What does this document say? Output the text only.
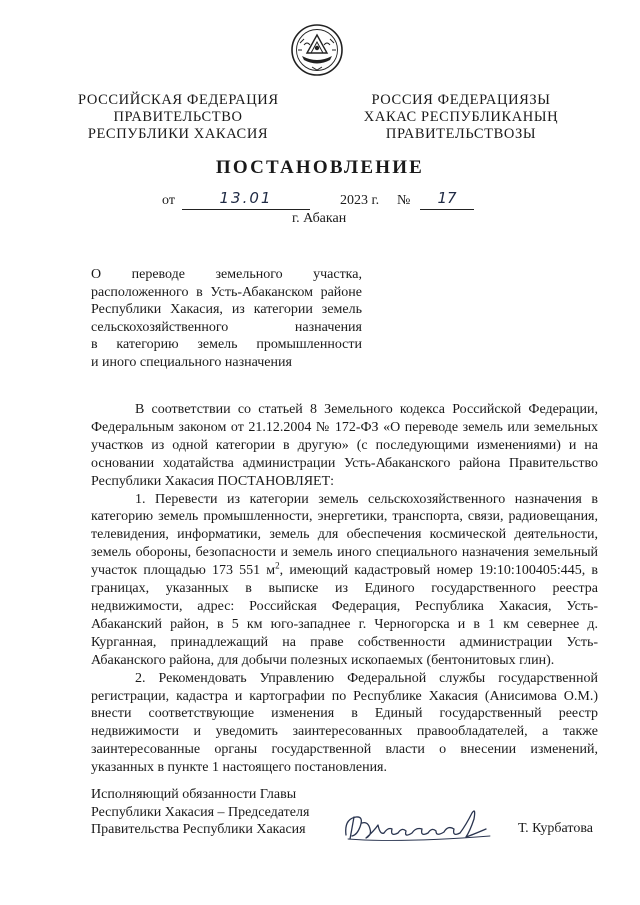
РОССИЙСКАЯ ФЕДЕРАЦИЯ
ПРАВИТЕЛЬСТВО
РЕСПУБЛИКИ ХАКАСИЯ
РОССИЯ ФЕДЕРАЦИЯЗЫ
ХАКАС РЕСПУБЛИКАНЫҢ
ПРАВИТЕЛЬСТВОЗЫ
ПОСТАНОВЛЕНИЕ
от	13.01	2023 г. №	17
г. Абакан
О переводе земельного участка,
расположенного в Усть-Абаканском районе
Республики Хакасия, из категории земель
сельскохозяйственного назначения
в категорию земель промышленности
и иного специального назначения

В соответствии со статьей 8 Земельного кодекса Российской Федерации, Федеральным законом от 21.12.2004 № 172-ФЗ «О переводе земель или земельных участков из одной категории в другую» (с последующими изменениями) и на основании ходатайства администрации Усть-Абаканского района Правительство Республики Хакасия ПОСТАНОВЛЯЕТ:

1. Перевести из категории земель сельскохозяйственного назначения в категорию земель промышленности, энергетики, транспорта, связи, радиовещания, телевидения, информатики, земель для обеспечения космической деятельности, земель обороны, безопасности и земель иного специального назначения земельный участок площадью 173 551 $м^2$, имеющий кадастровый номер 19:10:100405:445, в границах, указанных в выписке из Единого государственного реестра недвижимости, адрес: Российская Федерация, Республика Хакасия, Усть-Абаканский район, в 5 км юго-западнее г. Черногорска и в 1 км севернее д. Курганная, принадлежащий на праве собственности администрации Усть-Абаканского района, для добычи полезных ископаемых (бентонитовых глин).

2. Рекомендовать Управлению Федеральной службы государственной регистрации, кадастра и картографии по Республике Хакасия (Анисимова О.М.) внести соответствующие изменения в Единый государственный реестр недвижимости и уведомить заинтересованных правообладателей, а также заинтересованные органы государственной власти о внесении изменений, указанных в пункте 1 настоящего постановления.

Исполняющий обязанности Главы
Республики Хакасия – Председателя
Правительства Республики Хакасия	Т. Курбатова
